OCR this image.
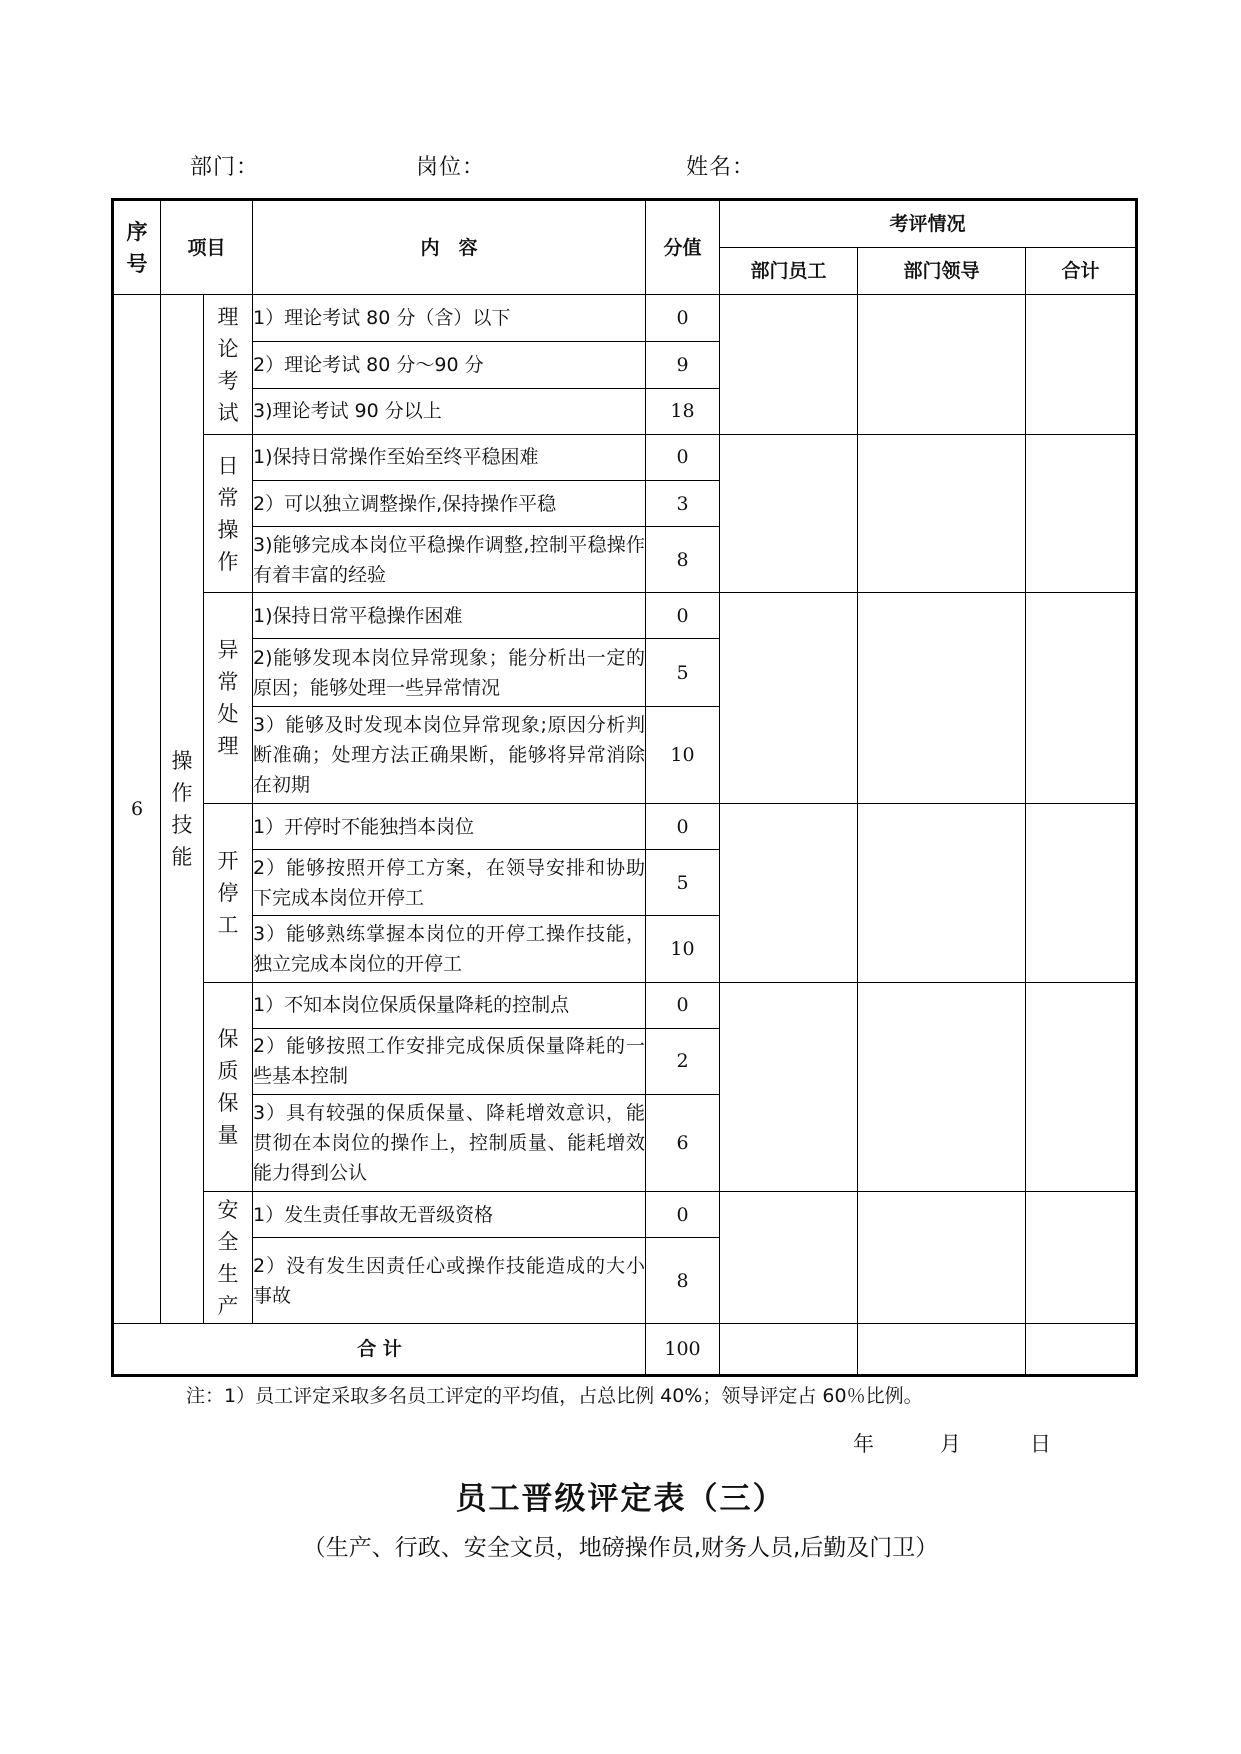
部门：	岗位：	姓名：
序号	项目		内　容	分值	考评情况		
					部门员工	部门领导	合计
6	操作技能	理论考试	1）理论考试 80 分（含）以下	0			
			2）理论考试 80 分～90 分	9			
			3)理论考试 90 分以上	18			

		日常操作	1)保持日常操作至始至终平稳困难	0			
			2）可以独立调整操作,保持操作平稳	3			
			3)能够完成本岗位平稳操作调整,控制平稳操作有着丰富的经验	8			

		异常处理	1)保持日常平稳操作困难	0			
			2)能够发现本岗位异常现象；能分析出一定的原因；能够处理一些异常情况	5			
			3）能够及时发现本岗位异常现象;原因分析判断准确；处理方法正确果断，能够将异常消除在初期	10			

		开停工	1）开停时不能独挡本岗位	0			
			2）能够按照开停工方案，在领导安排和协助下完成本岗位开停工	5			
			3）能够熟练掌握本岗位的开停工操作技能，独立完成本岗位的开停工	10			

		保质保量	1）不知本岗位保质保量降耗的控制点	0			
			2）能够按照工作安排完成保质保量降耗的一些基本控制	2			
			3）具有较强的保质保量、降耗增效意识，能贯彻在本岗位的操作上，控制质量、能耗增效能力得到公认	6			

		安全生产	1）发生责任事故无晋级资格	0			
			2）没有发生因责任心或操作技能造成的大小事故	8			
合 计				100			
注：1）员工评定采取多名员工评定的平均值，占总比例 40%；领导评定占 60％比例。
年	月	日
员工晋级评定表（三）
（生产、行政、安全文员，地磅操作员,财务人员,后勤及门卫）
